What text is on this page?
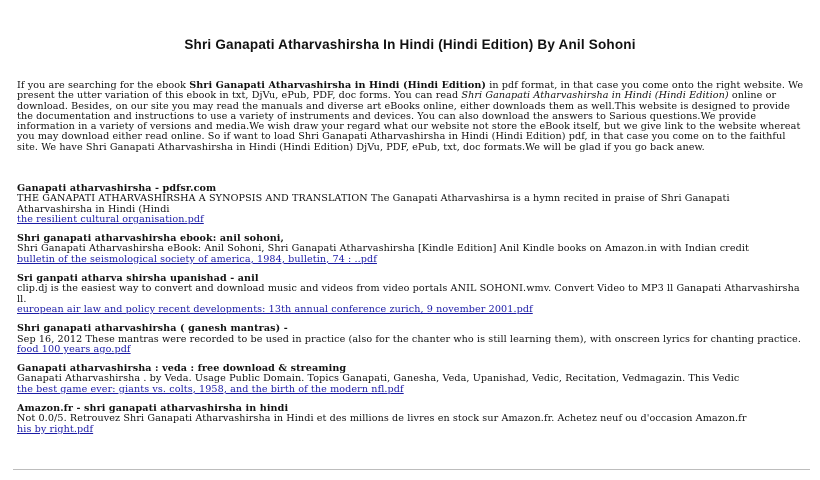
Shri Ganapati Atharvashirsha In Hindi (Hindi Edition) By Anil Sohoni

If you are searching for the ebook Shri Ganapati Atharvashirsha in Hindi (Hindi Edition) in pdf format, in that case you come onto the right website. We present the utter variation of this ebook in txt, DjVu, ePub, PDF, doc forms. You can read Shri Ganapati Atharvashirsha in Hindi (Hindi Edition) online or download. Besides, on our site you may read the manuals and diverse art eBooks online, either downloads them as well.This website is designed to provide the documentation and instructions to use a variety of instruments and devices. You can also download the answers to Sarious questions.We provide information in a variety of versions and media.We wish draw your regard what our website not store the eBook itself, but we give link to the website whereat you may download either read online. So if want to load Shri Ganapati Atharvashirsha in Hindi (Hindi Edition) pdf, in that case you come on to the faithful site. We have Shri Ganapati Atharvashirsha in Hindi (Hindi Edition) DjVu, PDF, ePub, txt, doc formats.We will be glad if you go back anew.

Ganapati atharvashirsha - pdfsr.com
THE GANAPATI ATHARVASHIRSHA A SYNOPSIS AND TRANSLATION The Ganapati Atharvashirsa is a hymn recited in praise of Shri Ganapati Atharvashirsha in Hindi (Hindi
the resilient cultural organisation.pdf
Shri ganapati atharvashirsha ebook: anil sohoni,
Shri Ganapati Atharvashirsha eBook: Anil Sohoni, Shri Ganapati Atharvashirsha [Kindle Edition] Anil Kindle books on Amazon.in with Indian credit
bulletin of the seismological society of america, 1984, bulletin, 74 : ..pdf
Sri ganpati atharva shirsha upanishad - anil
clip.dj is the easiest way to convert and download music and videos from video portals ANIL SOHONI.wmv. Convert Video to MP3 ll Ganapati Atharvashirsha ll.
european air law and policy recent developments: 13th annual conference zurich, 9 november 2001.pdf
Shri ganapati atharvashirsha ( ganesh mantras) -
Sep 16, 2012 These mantras were recorded to be used in practice (also for the chanter who is still learning them), with onscreen lyrics for chanting practice.
food 100 years ago.pdf
Ganapati atharvashirsha : veda : free download & streaming
Ganapati Atharvashirsha . by Veda. Usage Public Domain. Topics Ganapati, Ganesha, Veda, Upanishad, Vedic, Recitation, Vedmagazin. This Vedic
the best game ever: giants vs. colts, 1958, and the birth of the modern nfl.pdf
Amazon.fr - shri ganapati atharvashirsha in hindi
Not 0.0/5. Retrouvez Shri Ganapati Atharvashirsha in Hindi et des millions de livres en stock sur Amazon.fr. Achetez neuf ou d'occasion Amazon.fr
his by right.pdf
